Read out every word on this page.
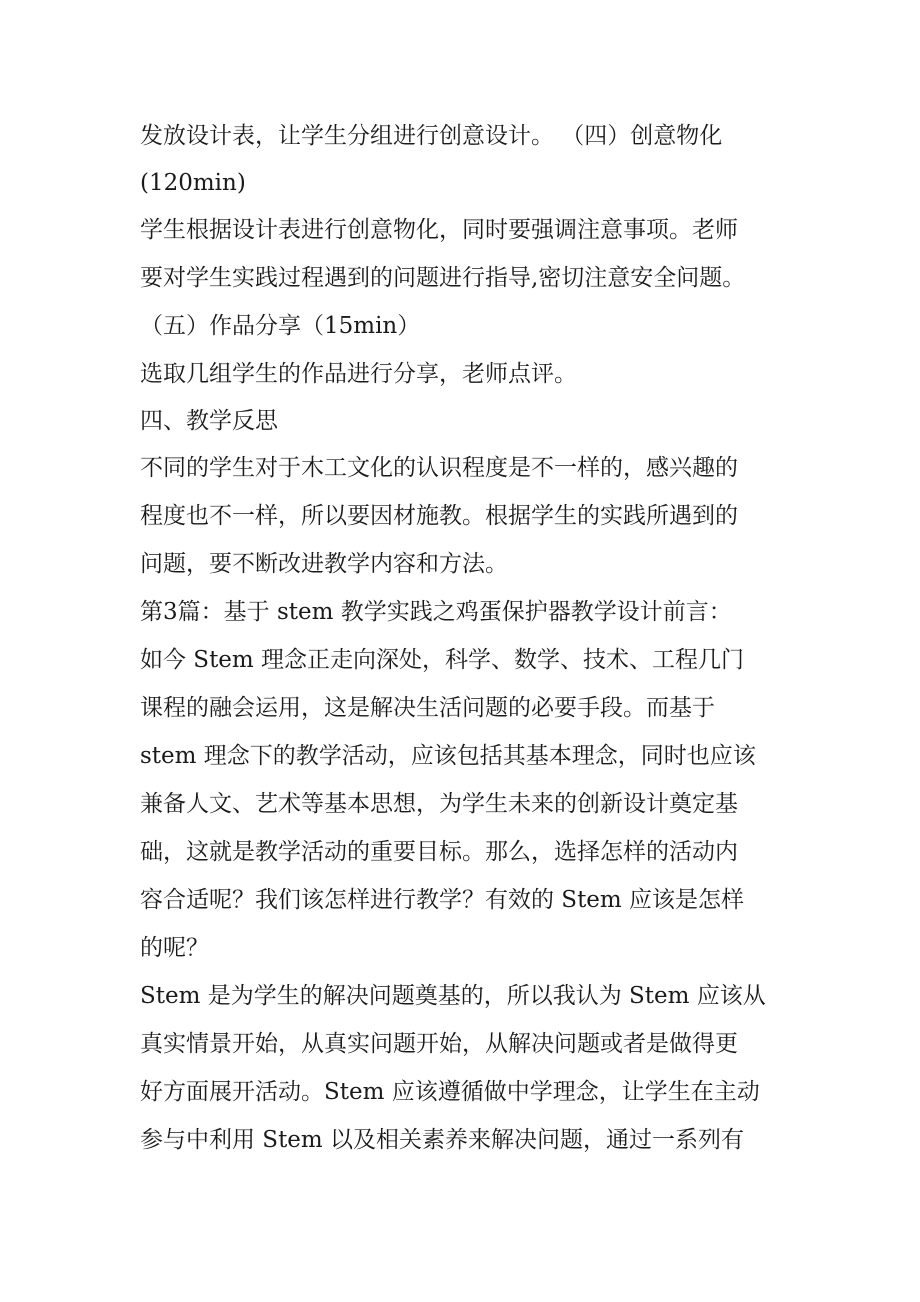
发放设计表，让学生分组进行创意设计。 （四）创意物化
(120min)
学生根据设计表进行创意物化，同时要强调注意事项。老师
要对学生实践过程遇到的问题进行指导,密切注意安全问题。
（五）作品分享（15min）
选取几组学生的作品进行分享，老师点评。
四、教学反思
不同的学生对于木工文化的认识程度是不一样的，感兴趣的
程度也不一样，所以要因材施教。根据学生的实践所遇到的
问题，要不断改进教学内容和方法。
第3篇：基于 stem 教学实践之鸡蛋保护器教学设计前言：
如今 Stem 理念正走向深处，科学、数学、技术、工程几门
课程的融会运用，这是解决生活问题的必要手段。而基于
stem 理念下的教学活动，应该包括其基本理念，同时也应该
兼备人文、艺术等基本思想，为学生未来的创新设计奠定基
础，这就是教学活动的重要目标。那么，选择怎样的活动内
容合适呢？我们该怎样进行教学？有效的 Stem 应该是怎样
的呢？
Stem 是为学生的解决问题奠基的，所以我认为 Stem 应该从
真实情景开始，从真实问题开始，从解决问题或者是做得更
好方面展开活动。Stem 应该遵循做中学理念，让学生在主动
参与中利用 Stem 以及相关素养来解决问题，通过一系列有
